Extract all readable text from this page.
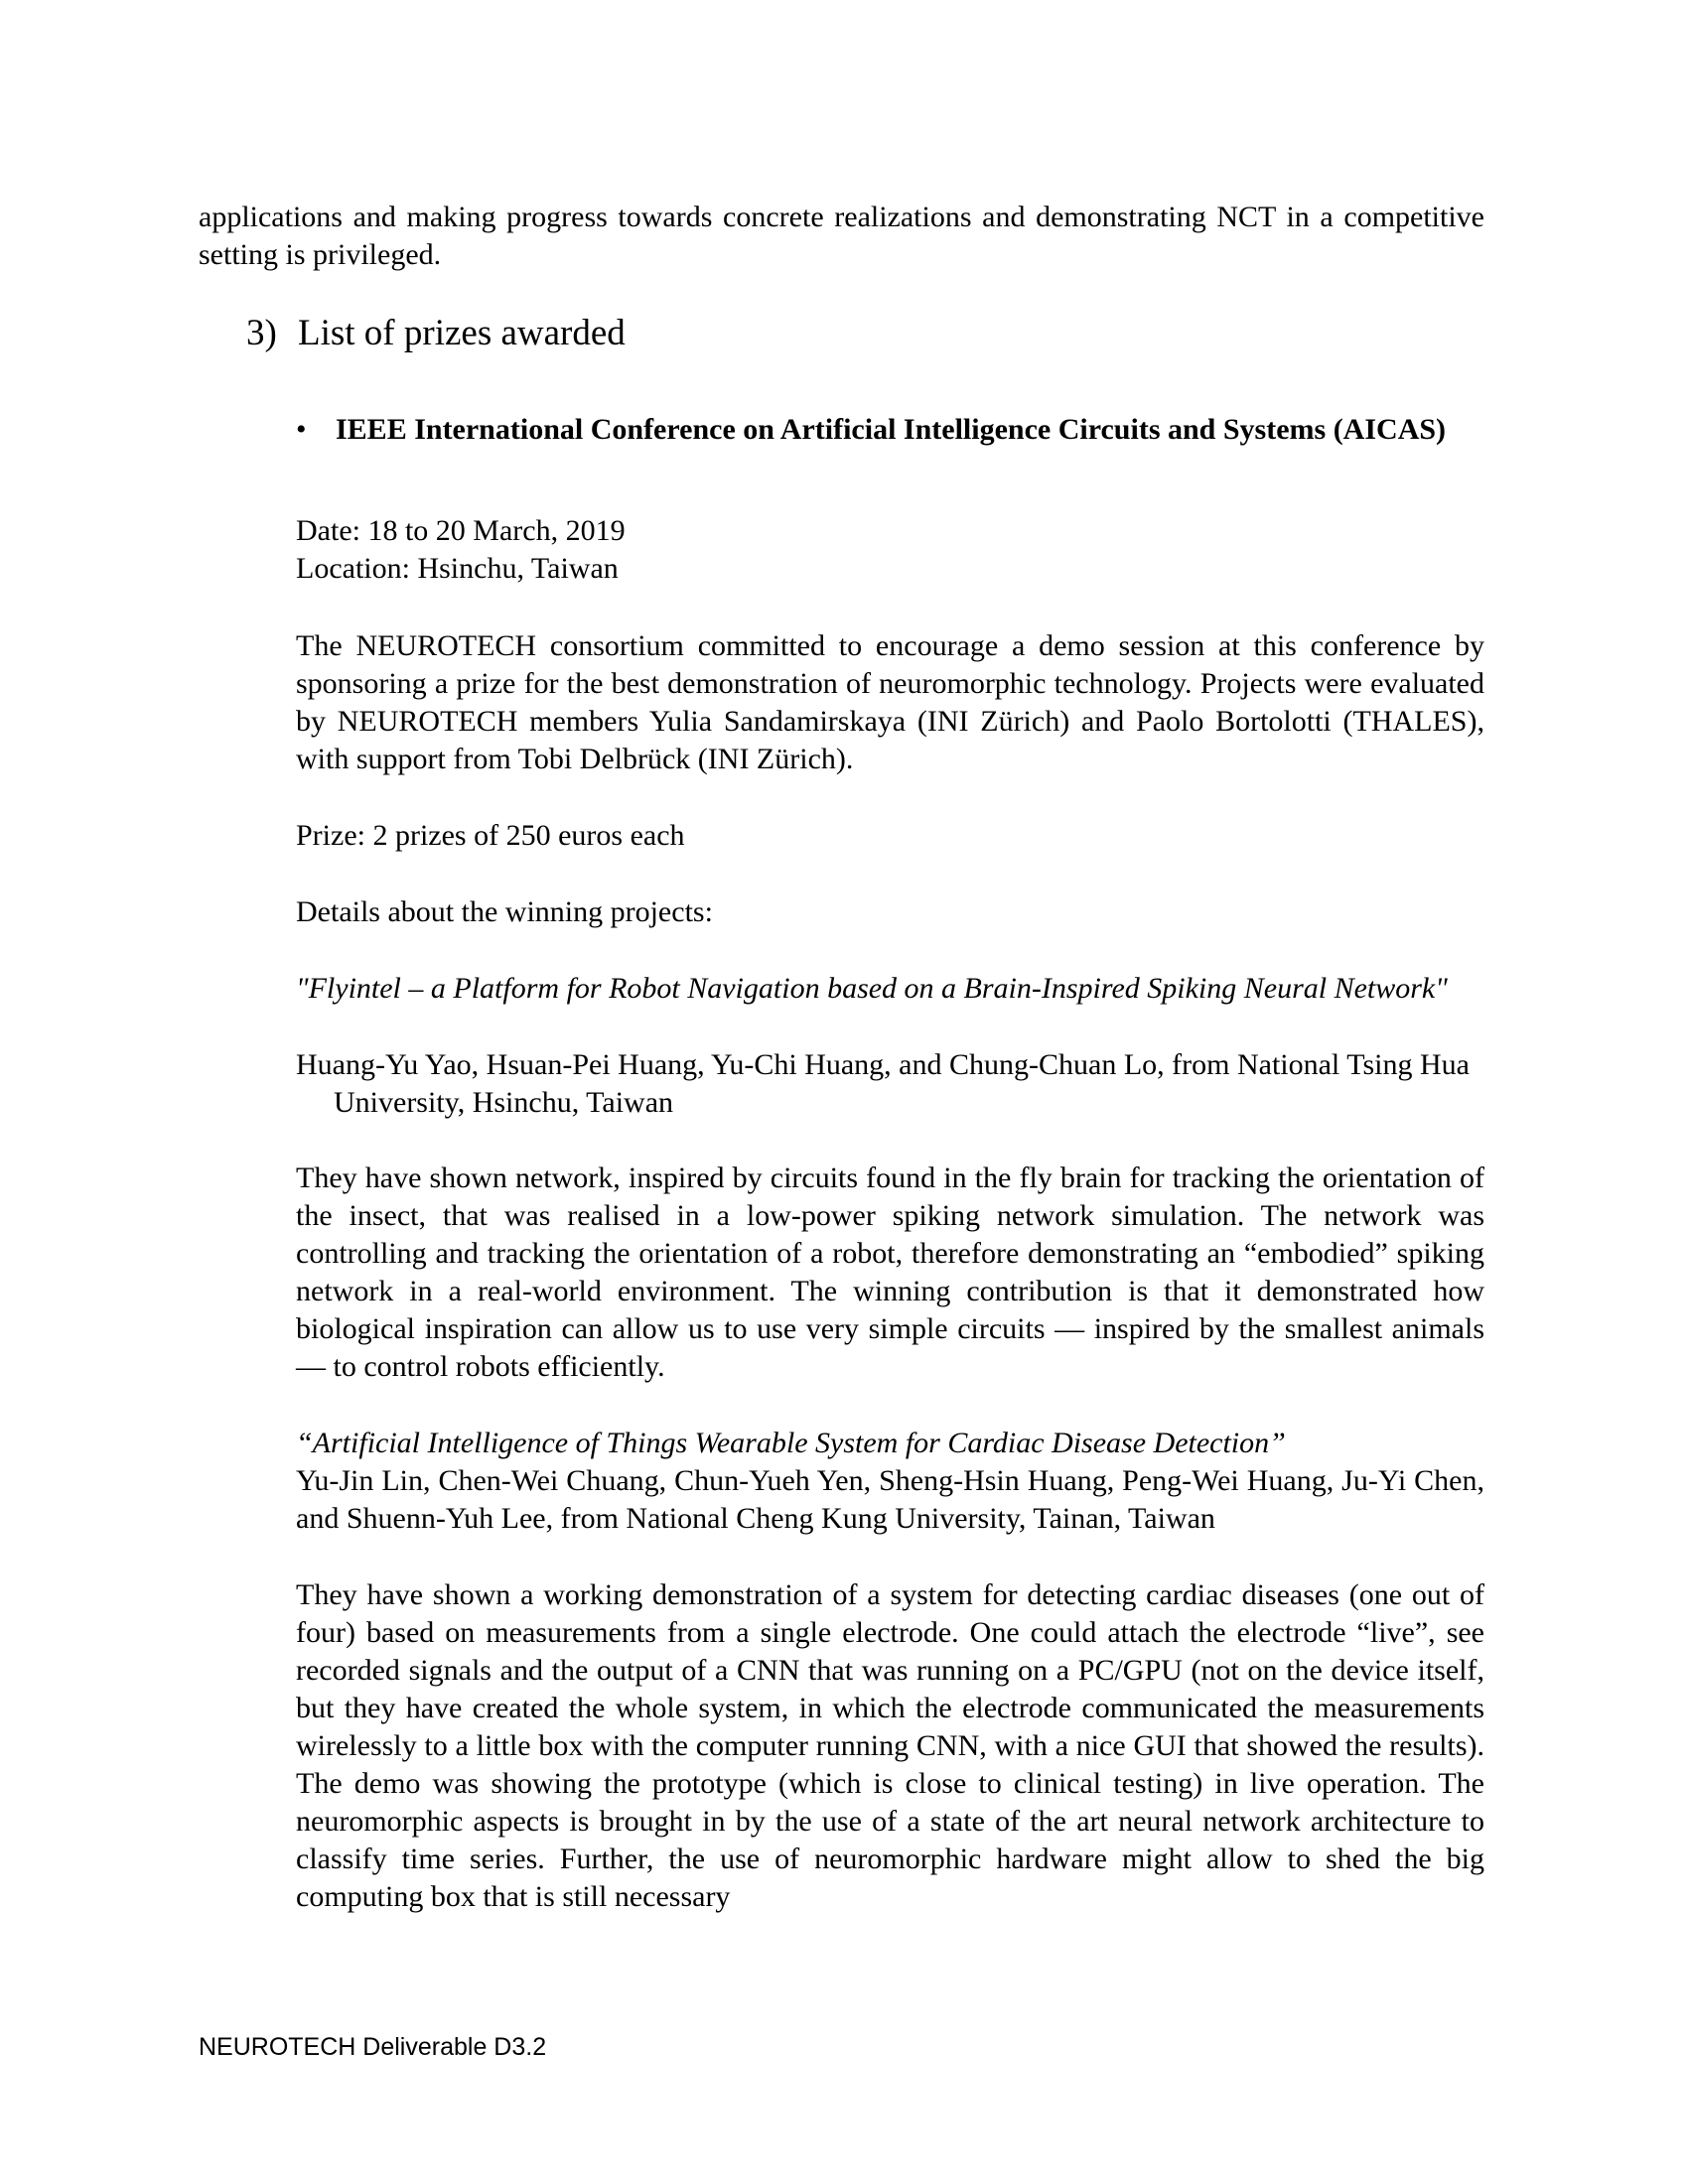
applications and making progress towards concrete realizations and demonstrating NCT in a competitive setting is privileged.

3) List of prizes awarded
• IEEE International Conference on Artificial Intelligence Circuits and Systems (AICAS)
Date: 18 to 20 March, 2019
Location: Hsinchu, Taiwan

The NEUROTECH consortium committed to encourage a demo session at this conference by sponsoring a prize for the best demonstration of neuromorphic technology. Projects were evaluated by NEUROTECH members Yulia Sandamirskaya (INI Zürich) and Paolo Bortolotti (THALES), with support from Tobi Delbrück (INI Zürich).

Prize: 2 prizes of 250 euros each

Details about the winning projects:

"Flyintel – a Platform for Robot Navigation based on a Brain-Inspired Spiking Neural Network"

Huang-Yu Yao, Hsuan-Pei Huang, Yu-Chi Huang, and Chung-Chuan Lo, from National Tsing Hua University, Hsinchu, Taiwan

They have shown network, inspired by circuits found in the fly brain for tracking the orientation of the insect, that was realised in a low-power spiking network simulation. The network was controlling and tracking the orientation of a robot, therefore demonstrating an “embodied” spiking network in a real-world environment. The winning contribution is that it demonstrated how biological inspiration can allow us to use very simple circuits — inspired by the smallest animals — to control robots efficiently.

“Artificial Intelligence of Things Wearable System for Cardiac Disease Detection”

Yu-Jin Lin, Chen-Wei Chuang, Chun-Yueh Yen, Sheng-Hsin Huang, Peng-Wei Huang, Ju-Yi Chen, and Shuenn-Yuh Lee, from National Cheng Kung University, Tainan, Taiwan

They have shown a working demonstration of a system for detecting cardiac diseases (one out of four) based on measurements from a single electrode. One could attach the electrode “live”, see recorded signals and the output of a CNN that was running on a PC/GPU (not on the device itself, but they have created the whole system, in which the electrode communicated the measurements wirelessly to a little box with the computer running CNN, with a nice GUI that showed the results). The demo was showing the prototype (which is close to clinical testing) in live operation. The neuromorphic aspects is brought in by the use of a state of the art neural network architecture to classify time series. Further, the use of neuromorphic hardware might allow to shed the big computing box that is still necessary

NEUROTECH Deliverable D3.2
